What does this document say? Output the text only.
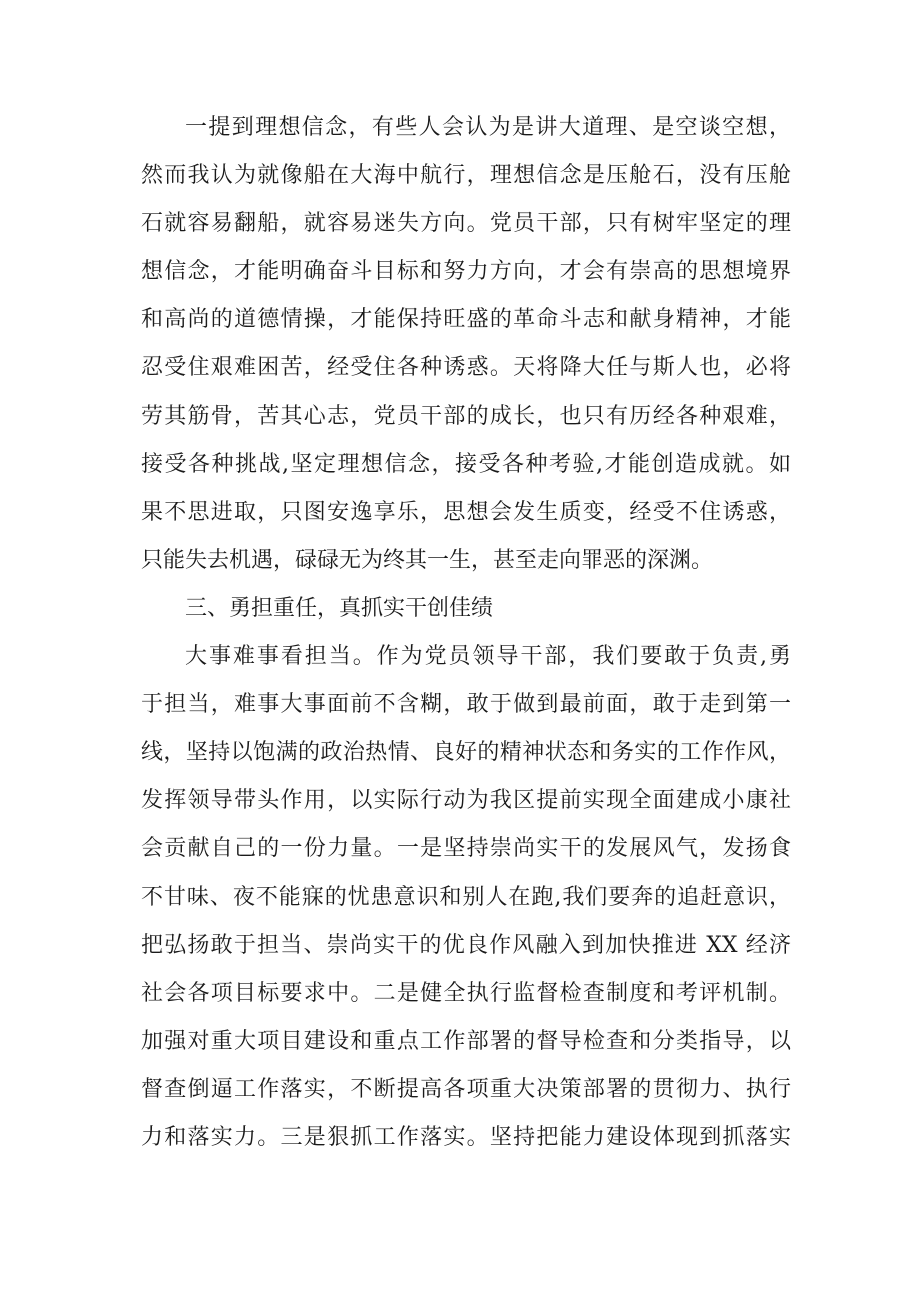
一提到理想信念，有些人会认为是讲大道理、是空谈空想，
然而我认为就像船在大海中航行，理想信念是压舱石，没有压舱
石就容易翻船，就容易迷失方向。党员干部，只有树牢坚定的理
想信念，才能明确奋斗目标和努力方向，才会有崇高的思想境界
和高尚的道德情操，才能保持旺盛的革命斗志和献身精神，才能
忍受住艰难困苦，经受住各种诱惑。天将降大任与斯人也，必将
劳其筋骨，苦其心志，党员干部的成长，也只有历经各种艰难，
接受各种挑战,坚定理想信念，接受各种考验,才能创造成就。如
果不思进取，只图安逸享乐，思想会发生质变，经受不住诱惑，
只能失去机遇，碌碌无为终其一生，甚至走向罪恶的深渊。
三、勇担重任，真抓实干创佳绩
大事难事看担当。作为党员领导干部，我们要敢于负责,勇
于担当，难事大事面前不含糊，敢于做到最前面，敢于走到第一
线，坚持以饱满的政治热情、良好的精神状态和务实的工作作风，
发挥领导带头作用，以实际行动为我区提前实现全面建成小康社
会贡献自己的一份力量。一是坚持崇尚实干的发展风气，发扬食
不甘味、夜不能寐的忧患意识和别人在跑,我们要奔的追赶意识，
把弘扬敢于担当、崇尚实干的优良作风融入到加快推进 XX 经济
社会各项目标要求中。二是健全执行监督检查制度和考评机制。
加强对重大项目建设和重点工作部署的督导检查和分类指导，以
督查倒逼工作落实，不断提高各项重大决策部署的贯彻力、执行
力和落实力。三是狠抓工作落实。坚持把能力建设体现到抓落实
